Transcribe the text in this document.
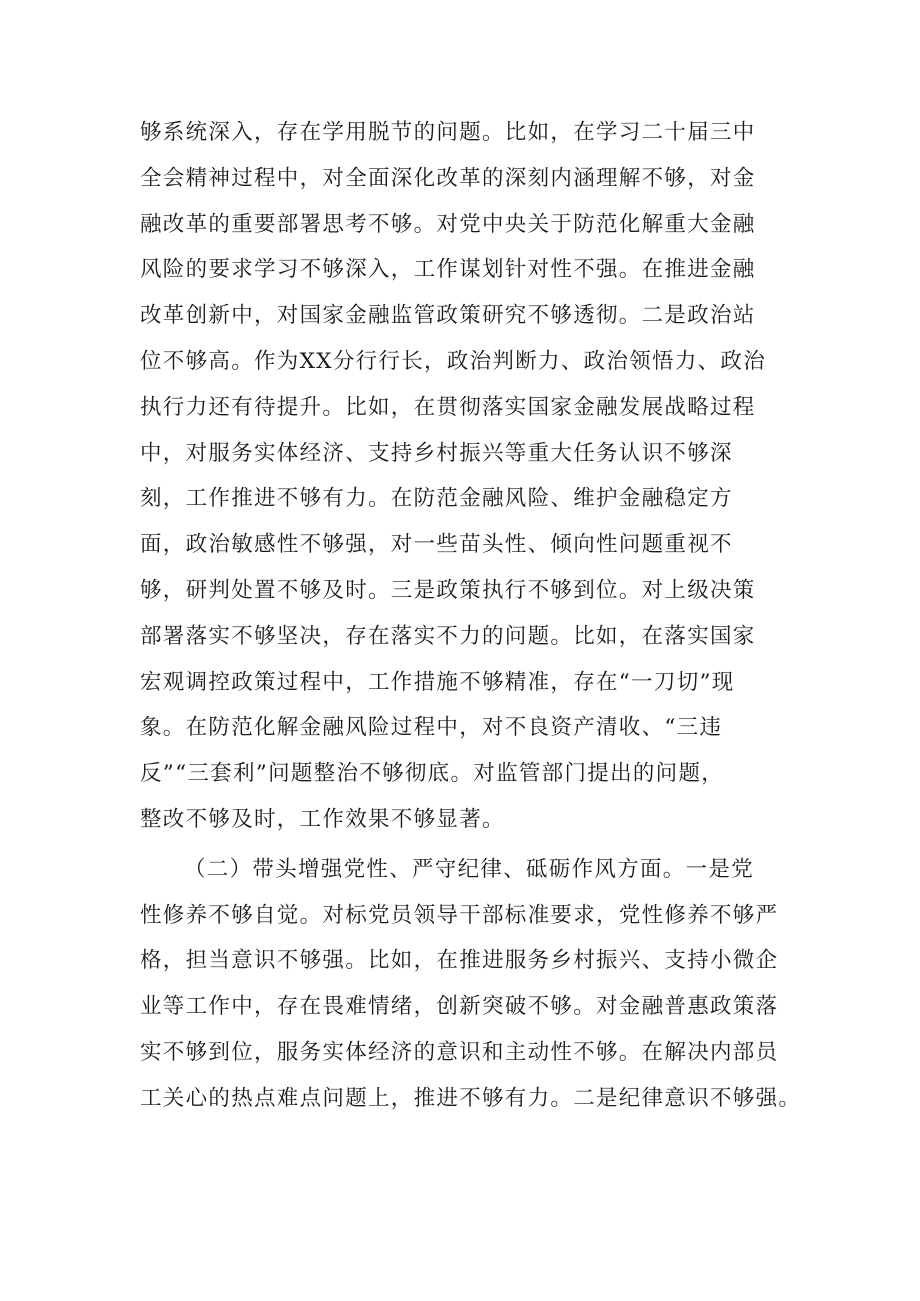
够系统深入，存在学用脱节的问题。比如，在学习二十届三中
全会精神过程中，对全面深化改革的深刻内涵理解不够，对金
融改革的重要部署思考不够。对党中央关于防范化解重大金融
风险的要求学习不够深入，工作谋划针对性不强。在推进金融
改革创新中，对国家金融监管政策研究不够透彻。二是政治站
位不够高。作为XX分行行长，政治判断力、政治领悟力、政治
执行力还有待提升。比如，在贯彻落实国家金融发展战略过程
中，对服务实体经济、支持乡村振兴等重大任务认识不够深
刻，工作推进不够有力。在防范金融风险、维护金融稳定方
面，政治敏感性不够强，对一些苗头性、倾向性问题重视不
够，研判处置不够及时。三是政策执行不够到位。对上级决策
部署落实不够坚决，存在落实不力的问题。比如，在落实国家
宏观调控政策过程中，工作措施不够精准，存在“一刀切”现
象。在防范化解金融风险过程中，对不良资产清收、“三违
反”“三套利”问题整治不够彻底。对监管部门提出的问题，
整改不够及时，工作效果不够显著。
（二）带头增强党性、严守纪律、砥砺作风方面。一是党
性修养不够自觉。对标党员领导干部标准要求，党性修养不够严
格，担当意识不够强。比如，在推进服务乡村振兴、支持小微企
业等工作中，存在畏难情绪，创新突破不够。对金融普惠政策落
实不够到位，服务实体经济的意识和主动性不够。在解决内部员
工关心的热点难点问题上，推进不够有力。二是纪律意识不够强。
